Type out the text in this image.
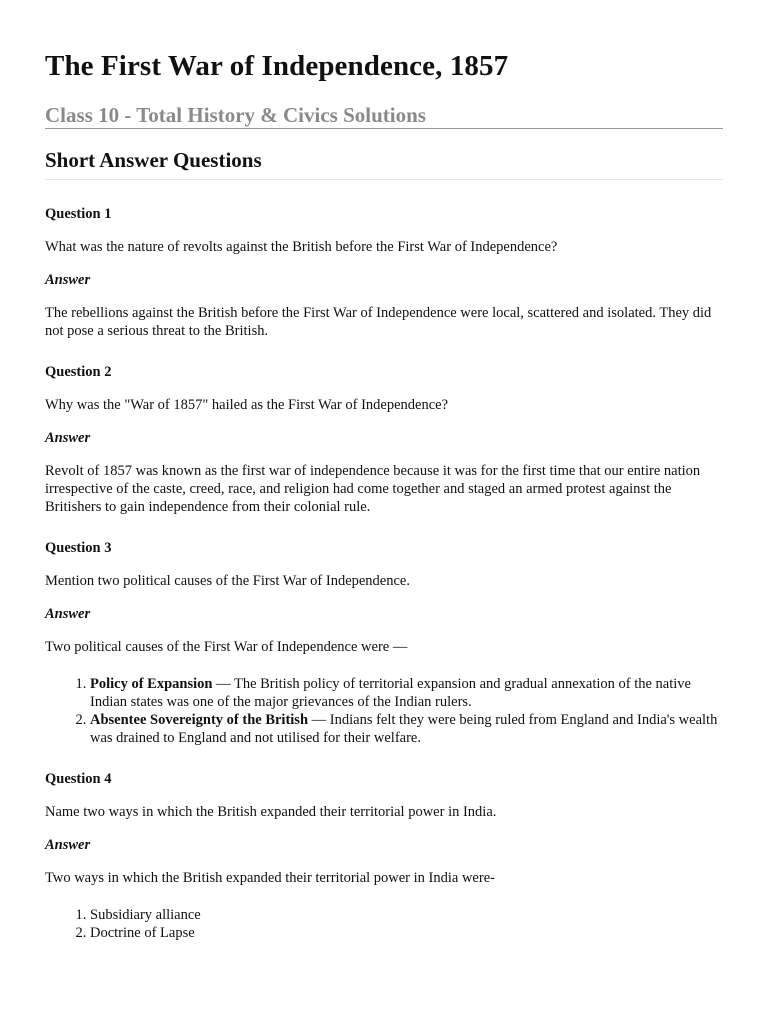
The First War of Independence, 1857
Class 10 - Total History & Civics Solutions
Short Answer Questions

Question 1

What was the nature of revolts against the British before the First War of Independence?

Answer

The rebellions against the British before the First War of Independence were local, scattered and isolated. They did not pose a serious threat to the British.

Question 2

Why was the "War of 1857" hailed as the First War of Independence?

Answer

Revolt of 1857 was known as the first war of independence because it was for the first time that our entire nation irrespective of the caste, creed, race, and religion had come together and staged an armed protest against the Britishers to gain independence from their colonial rule.

Question 3

Mention two political causes of the First War of Independence.

Answer

Two political causes of the First War of Independence were —

1. Policy of Expansion — The British policy of territorial expansion and gradual annexation of the native Indian states was one of the major grievances of the Indian rulers.
2. Absentee Sovereignty of the British — Indians felt they were being ruled from England and India's wealth was drained to England and not utilised for their welfare.

Question 4

Name two ways in which the British expanded their territorial power in India.

Answer

Two ways in which the British expanded their territorial power in India were-

1. Subsidiary alliance
2. Doctrine of Lapse
